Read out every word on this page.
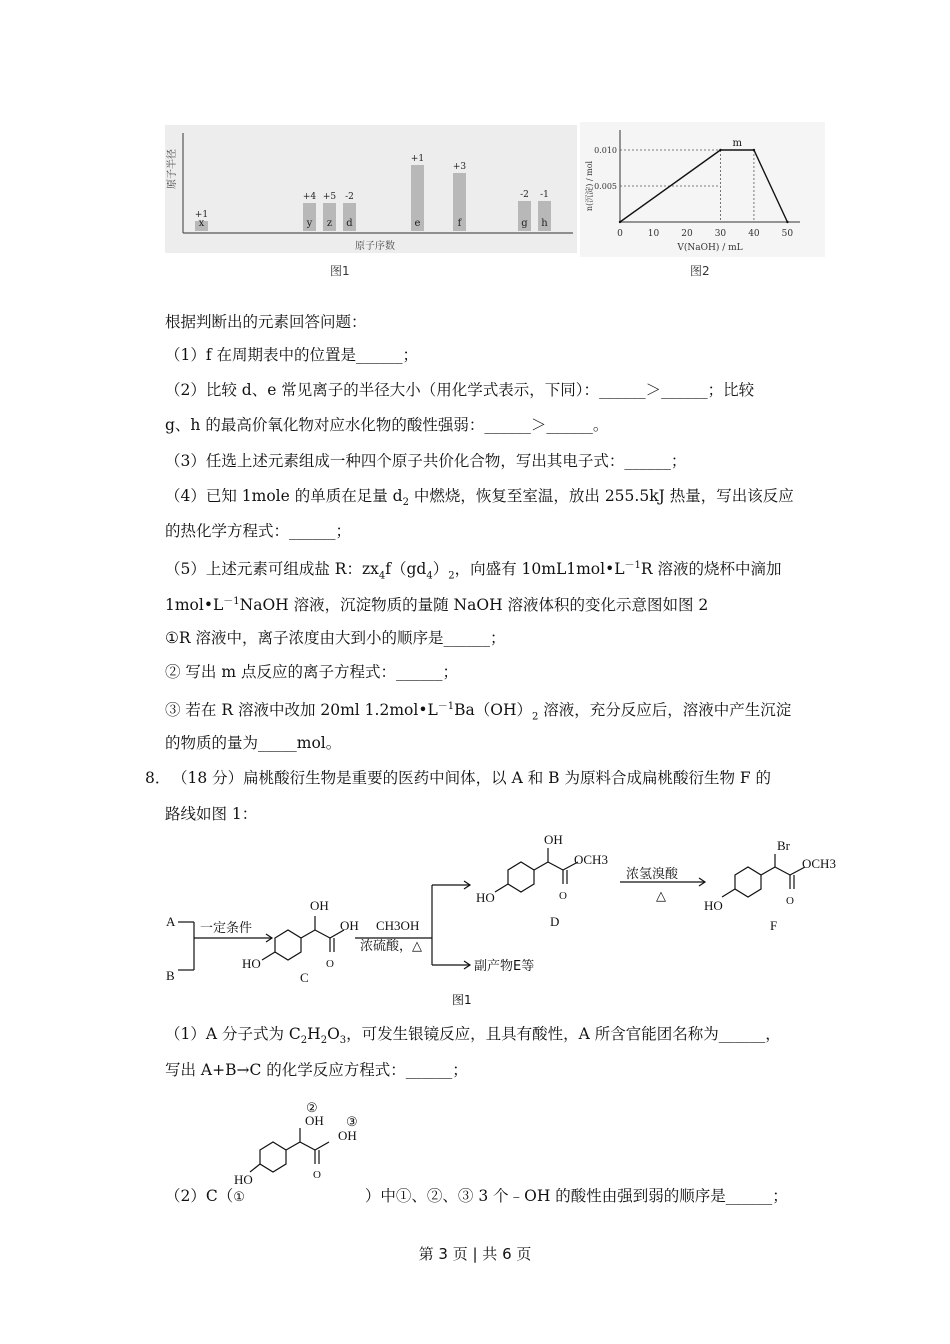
原子半径
原子序数
x
+1
y
+4
z
+5
d
-2
e
+1
f
+3
g
-2
h
-1
图1
0	10 20 30 40 50
0.010
0.005
m
V(NaOH) / mL
n(沉淀) / mol
图2
根据判断出的元素回答问题：
（1）f 在周期表中的位置是______；
（2）比较 d、e 常见离子的半径大小（用化学式表示，下同）：______＞______；比较
g、h 的最高价氧化物对应水化物的酸性强弱：______＞______。
（3）任选上述元素组成一种四个原子共价化合物，写出其电子式：______；
（4）已知 1mole 的单质在足量 $d_2$ 中燃烧，恢复至室温，放出 255.5kJ 热量，写出该反应
的热化学方程式：______；
（5）上述元素可组成盐 R：$zx_4f(gd_4)_2$，向盛有 $10mL1mol•L^{-1}R$ 溶液的烧杯中滴加
$1mol•L^{-1}NaOH$ 溶液，沉淀物质的量随 NaOH 溶液体积的变化示意图如图 2
①R 溶液中，离子浓度由大到小的顺序是______；
② 写出 m 点反应的离子方程式：______；
③ 若在 R 溶液中改加 20ml $1.2mol•L^{-1}Ba(OH)_2$ 溶液，充分反应后，溶液中产生沉淀
的物质的量为_____mol。
8． （18 分）扁桃酸衍生物是重要的医药中间体，以 A 和 B 为原料合成扁桃酸衍生物 F 的
路线如图 1：
A
B
一定条件
OH
OH
O
HO
C
CH3OH
浓硫酸，△
OH
OCH3
O
HO
D
副产物E等
浓氢溴酸
△
Br
OCH3
O
HO
F
图1
（1）A 分子式为 $C_2H_2O_3$，可发生银镜反应，且具有酸性，A 所含官能团名称为______，
写出 A+B→C 的化学反应方程式：______；
②
OH ③
OH
O
HO
（2）C（①	）中①、②、③ 3 个﹣OH 的酸性由强到弱的顺序是______；
第 3 页 | 共 6 页
